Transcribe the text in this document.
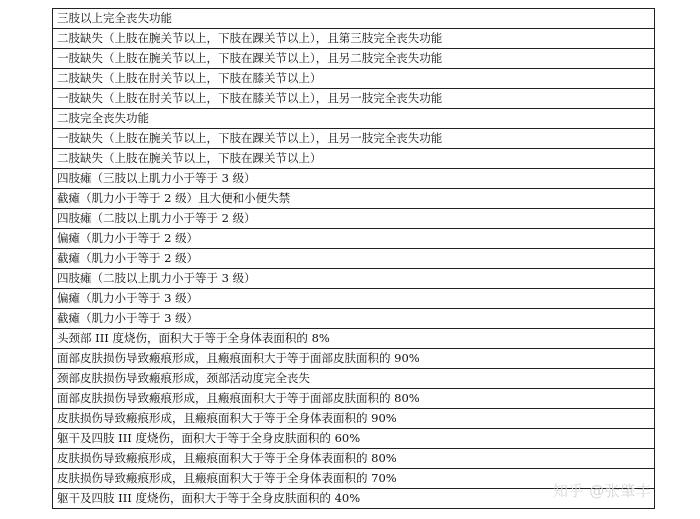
三肢以上完全丧失功能
二肢缺失（上肢在腕关节以上，下肢在踝关节以上），且第三肢完全丧失功能
一肢缺失（上肢在腕关节以上，下肢在踝关节以上），且另二肢完全丧失功能
二肢缺失（上肢在肘关节以上，下肢在膝关节以上）
一肢缺失（上肢在肘关节以上，下肢在膝关节以上），且另一肢完全丧失功能
二肢完全丧失功能
一肢缺失（上肢在腕关节以上，下肢在踝关节以上），且另一肢完全丧失功能
二肢缺失（上肢在腕关节以上，下肢在踝关节以上）
四肢瘫（三肢以上肌力小于等于 3 级）
截瘫（肌力小于等于 2 级）且大便和小便失禁
四肢瘫（二肢以上肌力小于等于 2 级）
偏瘫（肌力小于等于 2 级）
截瘫（肌力小于等于 2 级）
四肢瘫（二肢以上肌力小于等于 3 级）
偏瘫（肌力小于等于 3 级）
截瘫（肌力小于等于 3 级）
头颈部 III 度烧伤，面积大于等于全身体表面积的 8%
面部皮肤损伤导致瘢痕形成，且瘢痕面积大于等于面部皮肤面积的 90%
颈部皮肤损伤导致瘢痕形成，颈部活动度完全丧失
面部皮肤损伤导致瘢痕形成，且瘢痕面积大于等于面部皮肤面积的 80%
皮肤损伤导致瘢痕形成，且瘢痕面积大于等于全身体表面积的 90%
躯干及四肢 III 度烧伤，面积大于等于全身皮肤面积的 60%
皮肤损伤导致瘢痕形成，且瘢痕面积大于等于全身体表面积的 80%
皮肤损伤导致瘢痕形成，且瘢痕面积大于等于全身体表面积的 70%
躯干及四肢 III 度烧伤，面积大于等于全身皮肤面积的 40%	知乎 @张肇丰
